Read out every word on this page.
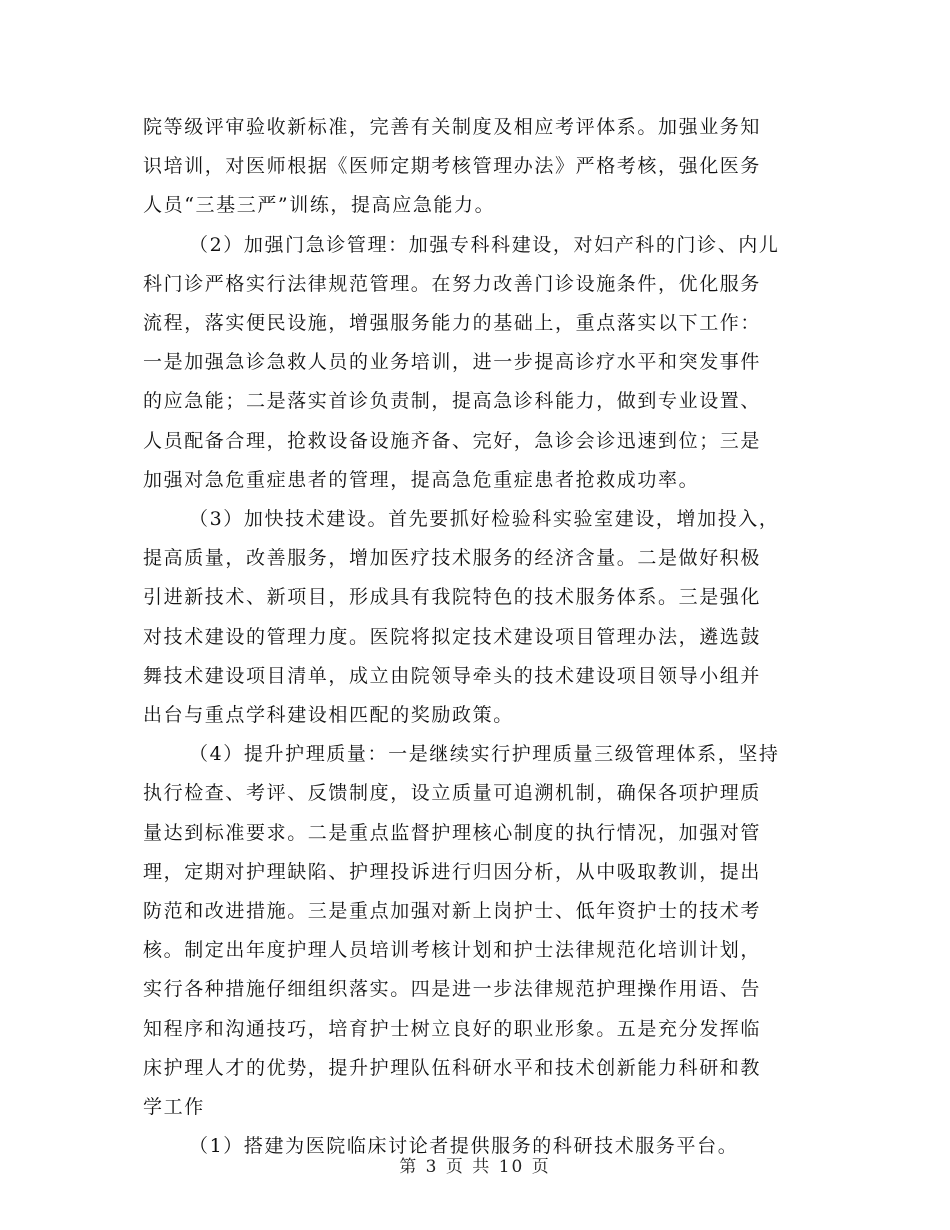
院等级评审验收新标准，完善有关制度及相应考评体系。加强业务知
识培训，对医师根据《医师定期考核管理办法》严格考核，强化医务
人员“三基三严”训练，提高应急能力。

（2）加强门急诊管理：加强专科科建设，对妇产科的门诊、内儿
科门诊严格实行法律规范管理。在努力改善门诊设施条件，优化服务
流程，落实便民设施，增强服务能力的基础上，重点落实以下工作：
一是加强急诊急救人员的业务培训，进一步提高诊疗水平和突发事件
的应急能；二是落实首诊负责制，提高急诊科能力，做到专业设置、
人员配备合理，抢救设备设施齐备、完好，急诊会诊迅速到位；三是
加强对急危重症患者的管理，提高急危重症患者抢救成功率。

（3）加快技术建设。首先要抓好检验科实验室建设，增加投入，
提高质量，改善服务，增加医疗技术服务的经济含量。二是做好积极
引进新技术、新项目，形成具有我院特色的技术服务体系。三是强化
对技术建设的管理力度。医院将拟定技术建设项目管理办法，遴选鼓
舞技术建设项目清单，成立由院领导牵头的技术建设项目领导小组并
出台与重点学科建设相匹配的奖励政策。

（4）提升护理质量：一是继续实行护理质量三级管理体系，坚持
执行检查、考评、反馈制度，设立质量可追溯机制，确保各项护理质
量达到标准要求。二是重点监督护理核心制度的执行情况，加强对管
理，定期对护理缺陷、护理投诉进行归因分析，从中吸取教训，提出
防范和改进措施。三是重点加强对新上岗护士、低年资护士的技术考
核。制定出年度护理人员培训考核计划和护士法律规范化培训计划，
实行各种措施仔细组织落实。四是进一步法律规范护理操作用语、告
知程序和沟通技巧，培育护士树立良好的职业形象。五是充分发挥临
床护理人才的优势，提升护理队伍科研水平和技术创新能力科研和教
学工作

（1）搭建为医院临床讨论者提供服务的科研技术服务平台。

第 3 页 共 10 页
